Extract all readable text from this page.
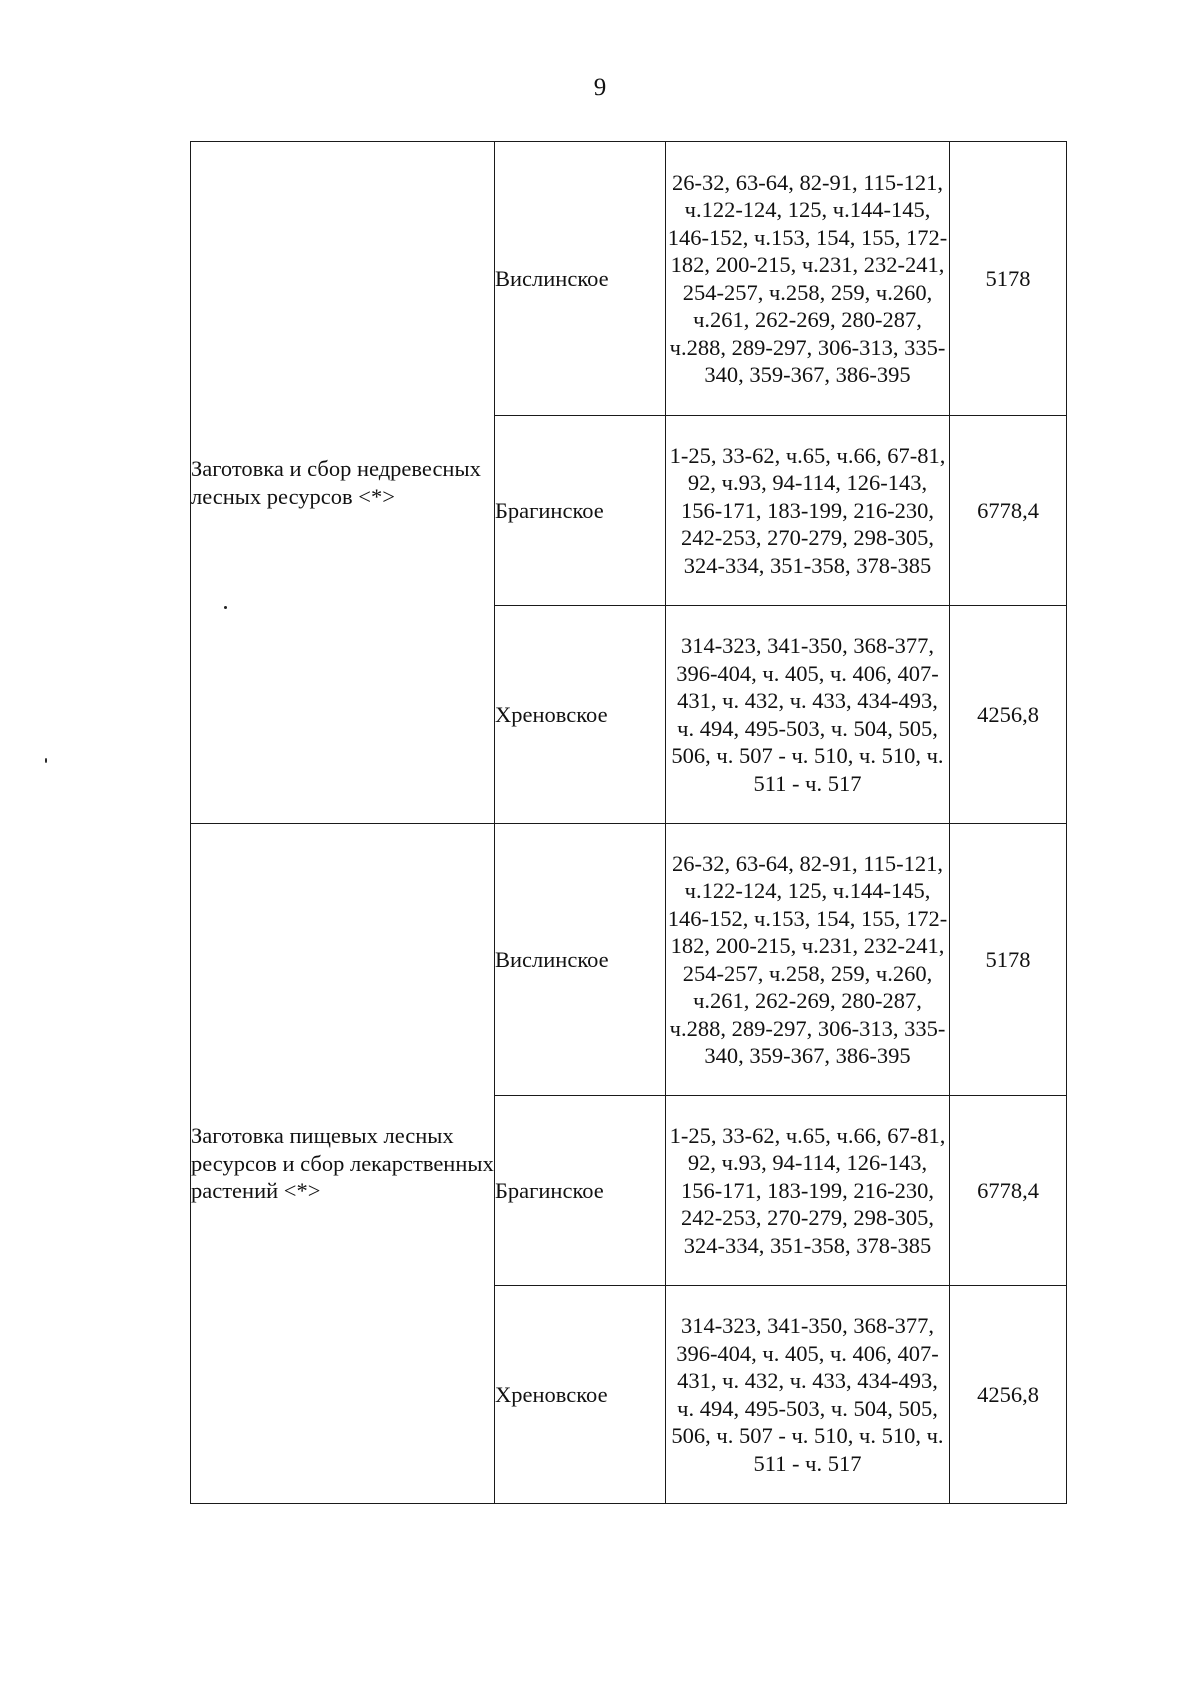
9
Заготовка и сбор недревесных лесных ресурсов <*>	Вислинское	26-32, 63-64, 82-91, 115-121, ч.122-124, 125, ч.144-145, 146-152, ч.153, 154, 155, 172-182, 200-215, ч.231, 232-241, 254-257, ч.258, 259, ч.260, ч.261, 262-269, 280-287, ч.288, 289-297, 306-313, 335-340, 359-367, 386-395	5178
	Брагинское	1-25, 33-62, ч.65, ч.66, 67-81, 92, ч.93, 94-114, 126-143, 156-171, 183-199, 216-230, 242-253, 270-279, 298-305, 324-334, 351-358, 378-385	6778,4
	Хреновское	314-323, 341-350, 368-377, 396-404, ч. 405, ч. 406, 407-431, ч. 432, ч. 433, 434-493, ч. 494, 495-503, ч. 504, 505, 506, ч. 507 - ч. 510, ч. 510, ч. 511 - ч. 517	4256,8
Заготовка пищевых лесных ресурсов и сбор лекарственных растений <*>	Вислинское	26-32, 63-64, 82-91, 115-121, ч.122-124, 125, ч.144-145, 146-152, ч.153, 154, 155, 172-182, 200-215, ч.231, 232-241, 254-257, ч.258, 259, ч.260, ч.261, 262-269, 280-287, ч.288, 289-297, 306-313, 335-340, 359-367, 386-395	5178
	Брагинское	1-25, 33-62, ч.65, ч.66, 67-81, 92, ч.93, 94-114, 126-143, 156-171, 183-199, 216-230, 242-253, 270-279, 298-305, 324-334, 351-358, 378-385	6778,4
	Хреновское	314-323, 341-350, 368-377, 396-404, ч. 405, ч. 406, 407-431, ч. 432, ч. 433, 434-493, ч. 494, 495-503, ч. 504, 505, 506, ч. 507 - ч. 510, ч. 510, ч. 511 - ч. 517	4256,8
